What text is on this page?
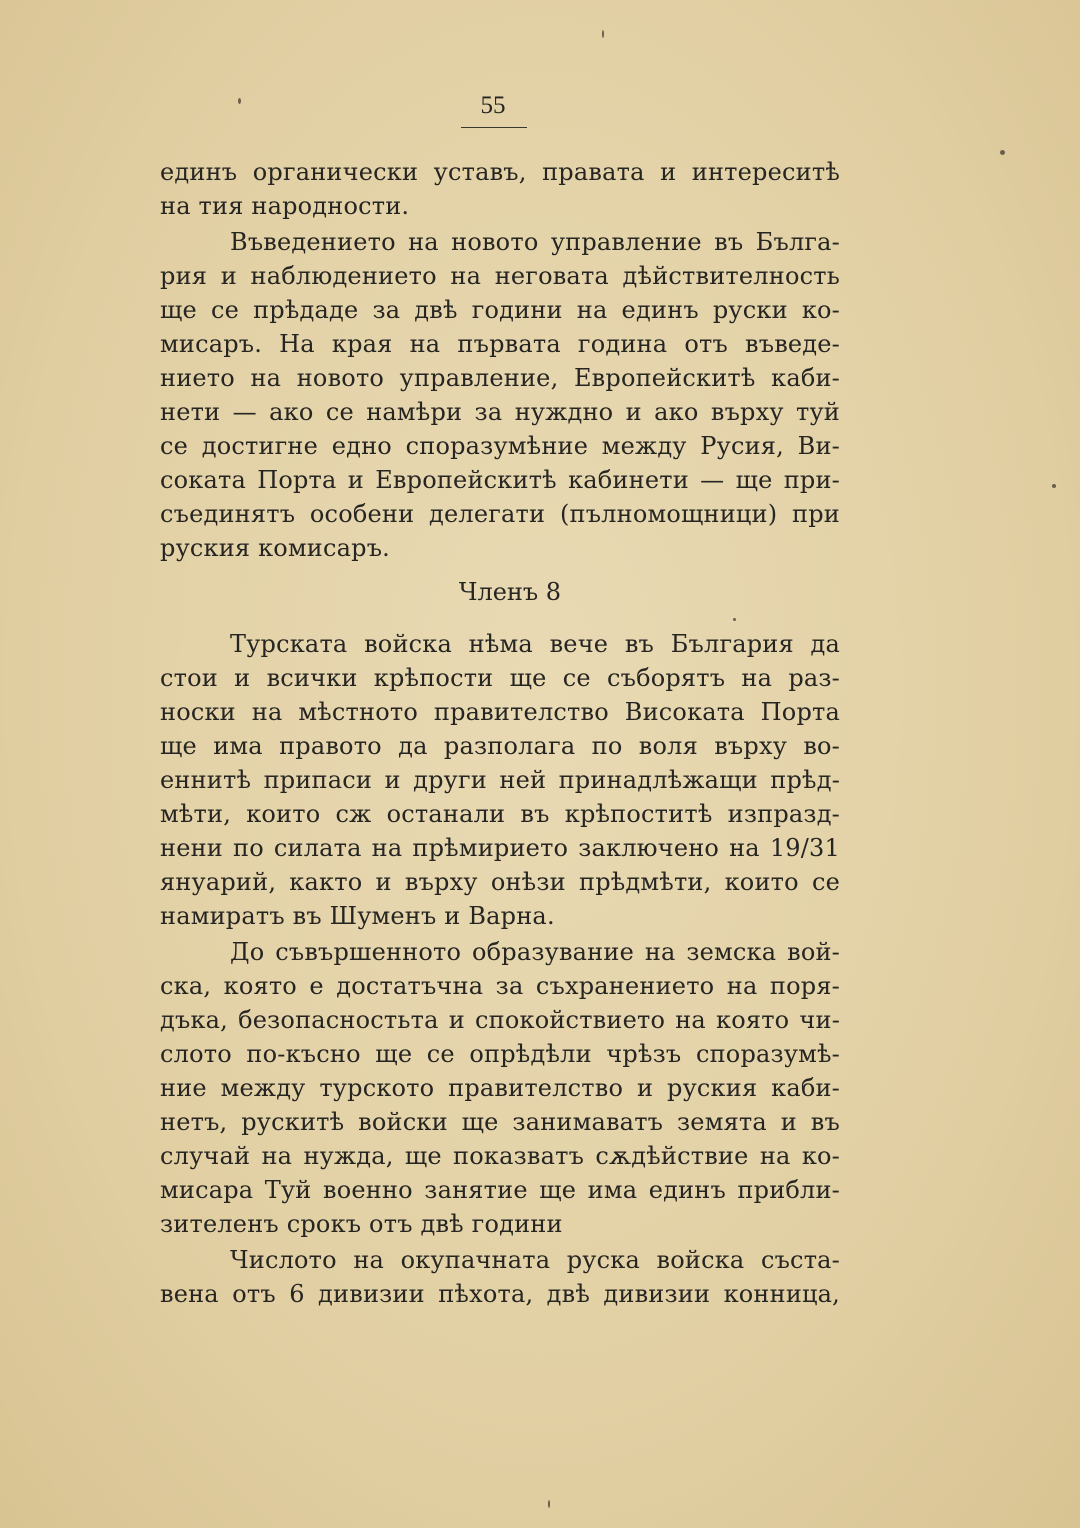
55
единъ органически уставъ, правата и интереситѣ
на тия народности.
Въведението на новото управление въ Бълга-
рия и наблюдението на неговата дѣйствителность
ще се прѣдаде за двѣ години на единъ руски ко-
мисаръ. На края на първата година отъ въведе-
нието на новото управление, Европейскитѣ каби-
нети — ако се намѣри за нуждно и ако върху туй
се достигне едно споразумѣние между Русия, Ви-
соката Порта и Европейскитѣ кабинети — ще при-
съединятъ особени делегати (пълномощници) при
руския комисаръ.
Членъ 8
Турската войска нѣма вече въ България да
стои и всички крѣпости ще се съборятъ на раз-
носки на мѣстното правителство Високата Порта
ще има правото да разполага по воля върху во-
еннитѣ припаси и други ней принадлѣжащи прѣд-
мѣти, които сж останали въ крѣпоститѣ изпразд-
нени по силата на прѣмирието заключено на 19/31
януарий, както и върху онѣзи прѣдмѣти, които се
намиратъ въ Шуменъ и Варна.
До съвършенното образувание на земска вой-
ска, която е достатъчна за съхранението на поря-
дъка, безопасностьта и спокойствието на която чи-
слото по-късно ще се опрѣдѣли чрѣзъ споразумѣ-
ние между турското правителство и руския каби-
нетъ, рускитѣ войски ще занимаватъ земята и въ
случай на нужда, ще показватъ сѫдѣйствие на ко-
мисара Туй военно занятие ще има единъ прибли-
зителенъ срокъ отъ двѣ години
Числото на окупачната руска войска съста-
вена отъ 6 дивизии пѣхота, двѣ дивизии конница,
